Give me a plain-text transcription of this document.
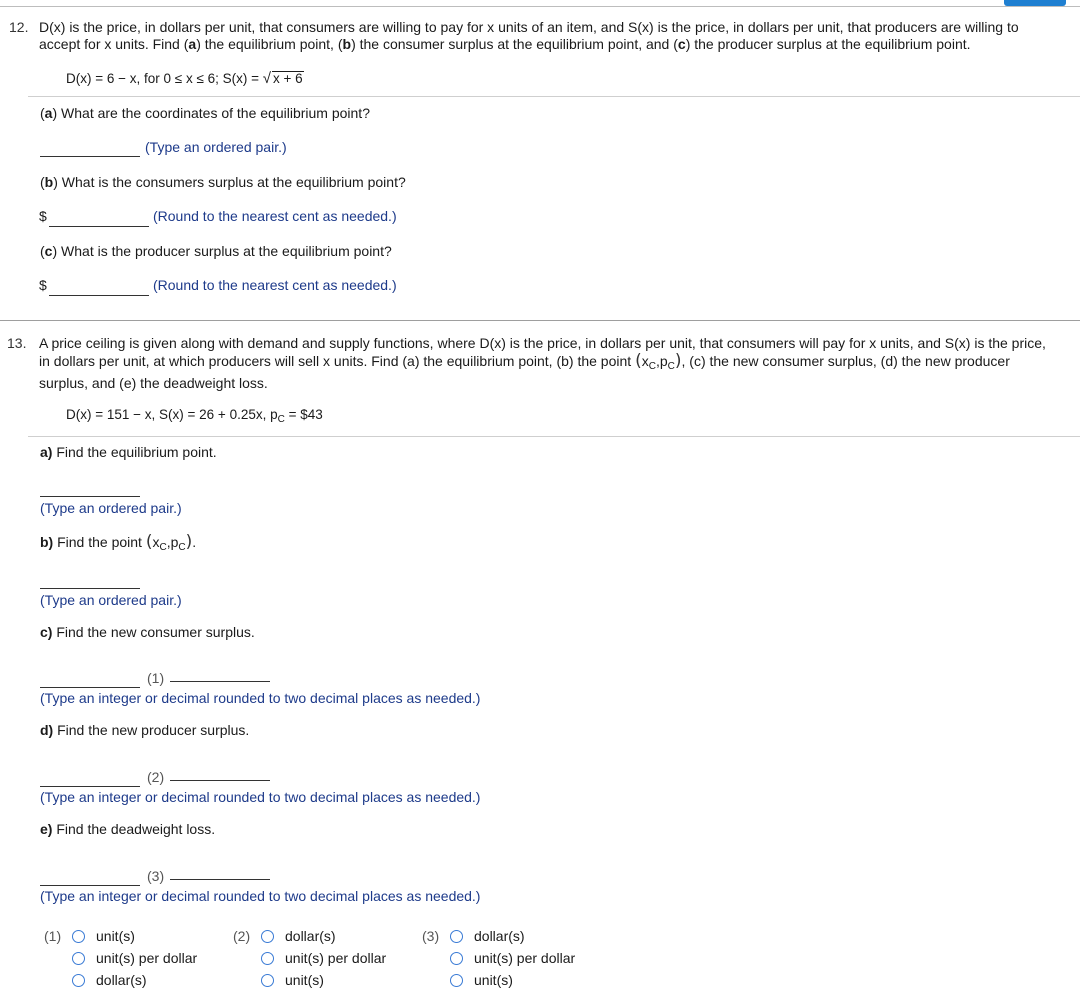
12. D(x) is the price, in dollars per unit, that consumers are willing to pay for x units of an item, and S(x) is the price, in dollars per unit, that producers are willing to
accept for x units. Find (a) the equilibrium point, (b) the consumer surplus at the equilibrium point, and (c) the producer surplus at the equilibrium point.
D(x) = 6 − x, for 0 ≤ x ≤ 6; S(x) = √ x + 6
(a) What are the coordinates of the equilibrium point?
(Type an ordered pair.)
(b) What is the consumers surplus at the equilibrium point?
$	(Round to the nearest cent as needed.)
(c) What is the producer surplus at the equilibrium point?
$	(Round to the nearest cent as needed.)
13. A price ceiling is given along with demand and supply functions, where D(x) is the price, in dollars per unit, that consumers will pay for x units, and S(x) is the price,
in dollars per unit, at which producers will sell x units. Find (a) the equilibrium point, (b) the point $(x_C,p_C)$, (c) the new consumer surplus, (d) the new producer
surplus, and (e) the deadweight loss.
D(x) = 151 − x, S(x) = 26 + 0.25x, $p_C$ = $43
a) Find the equilibrium point.
(Type an ordered pair.)
b) Find the point $(x_C,p_C)$.
(Type an ordered pair.)
c) Find the new consumer surplus.
(1)
(Type an integer or decimal rounded to two decimal places as needed.)
d) Find the new producer surplus.
(2)
(Type an integer or decimal rounded to two decimal places as needed.)
e) Find the deadweight loss.
(3)
(Type an integer or decimal rounded to two decimal places as needed.)
(1) unit(s)
unit(s) per dollar
dollar(s)
(2) dollar(s)
unit(s) per dollar
unit(s)
(3) dollar(s)
unit(s) per dollar
unit(s)
